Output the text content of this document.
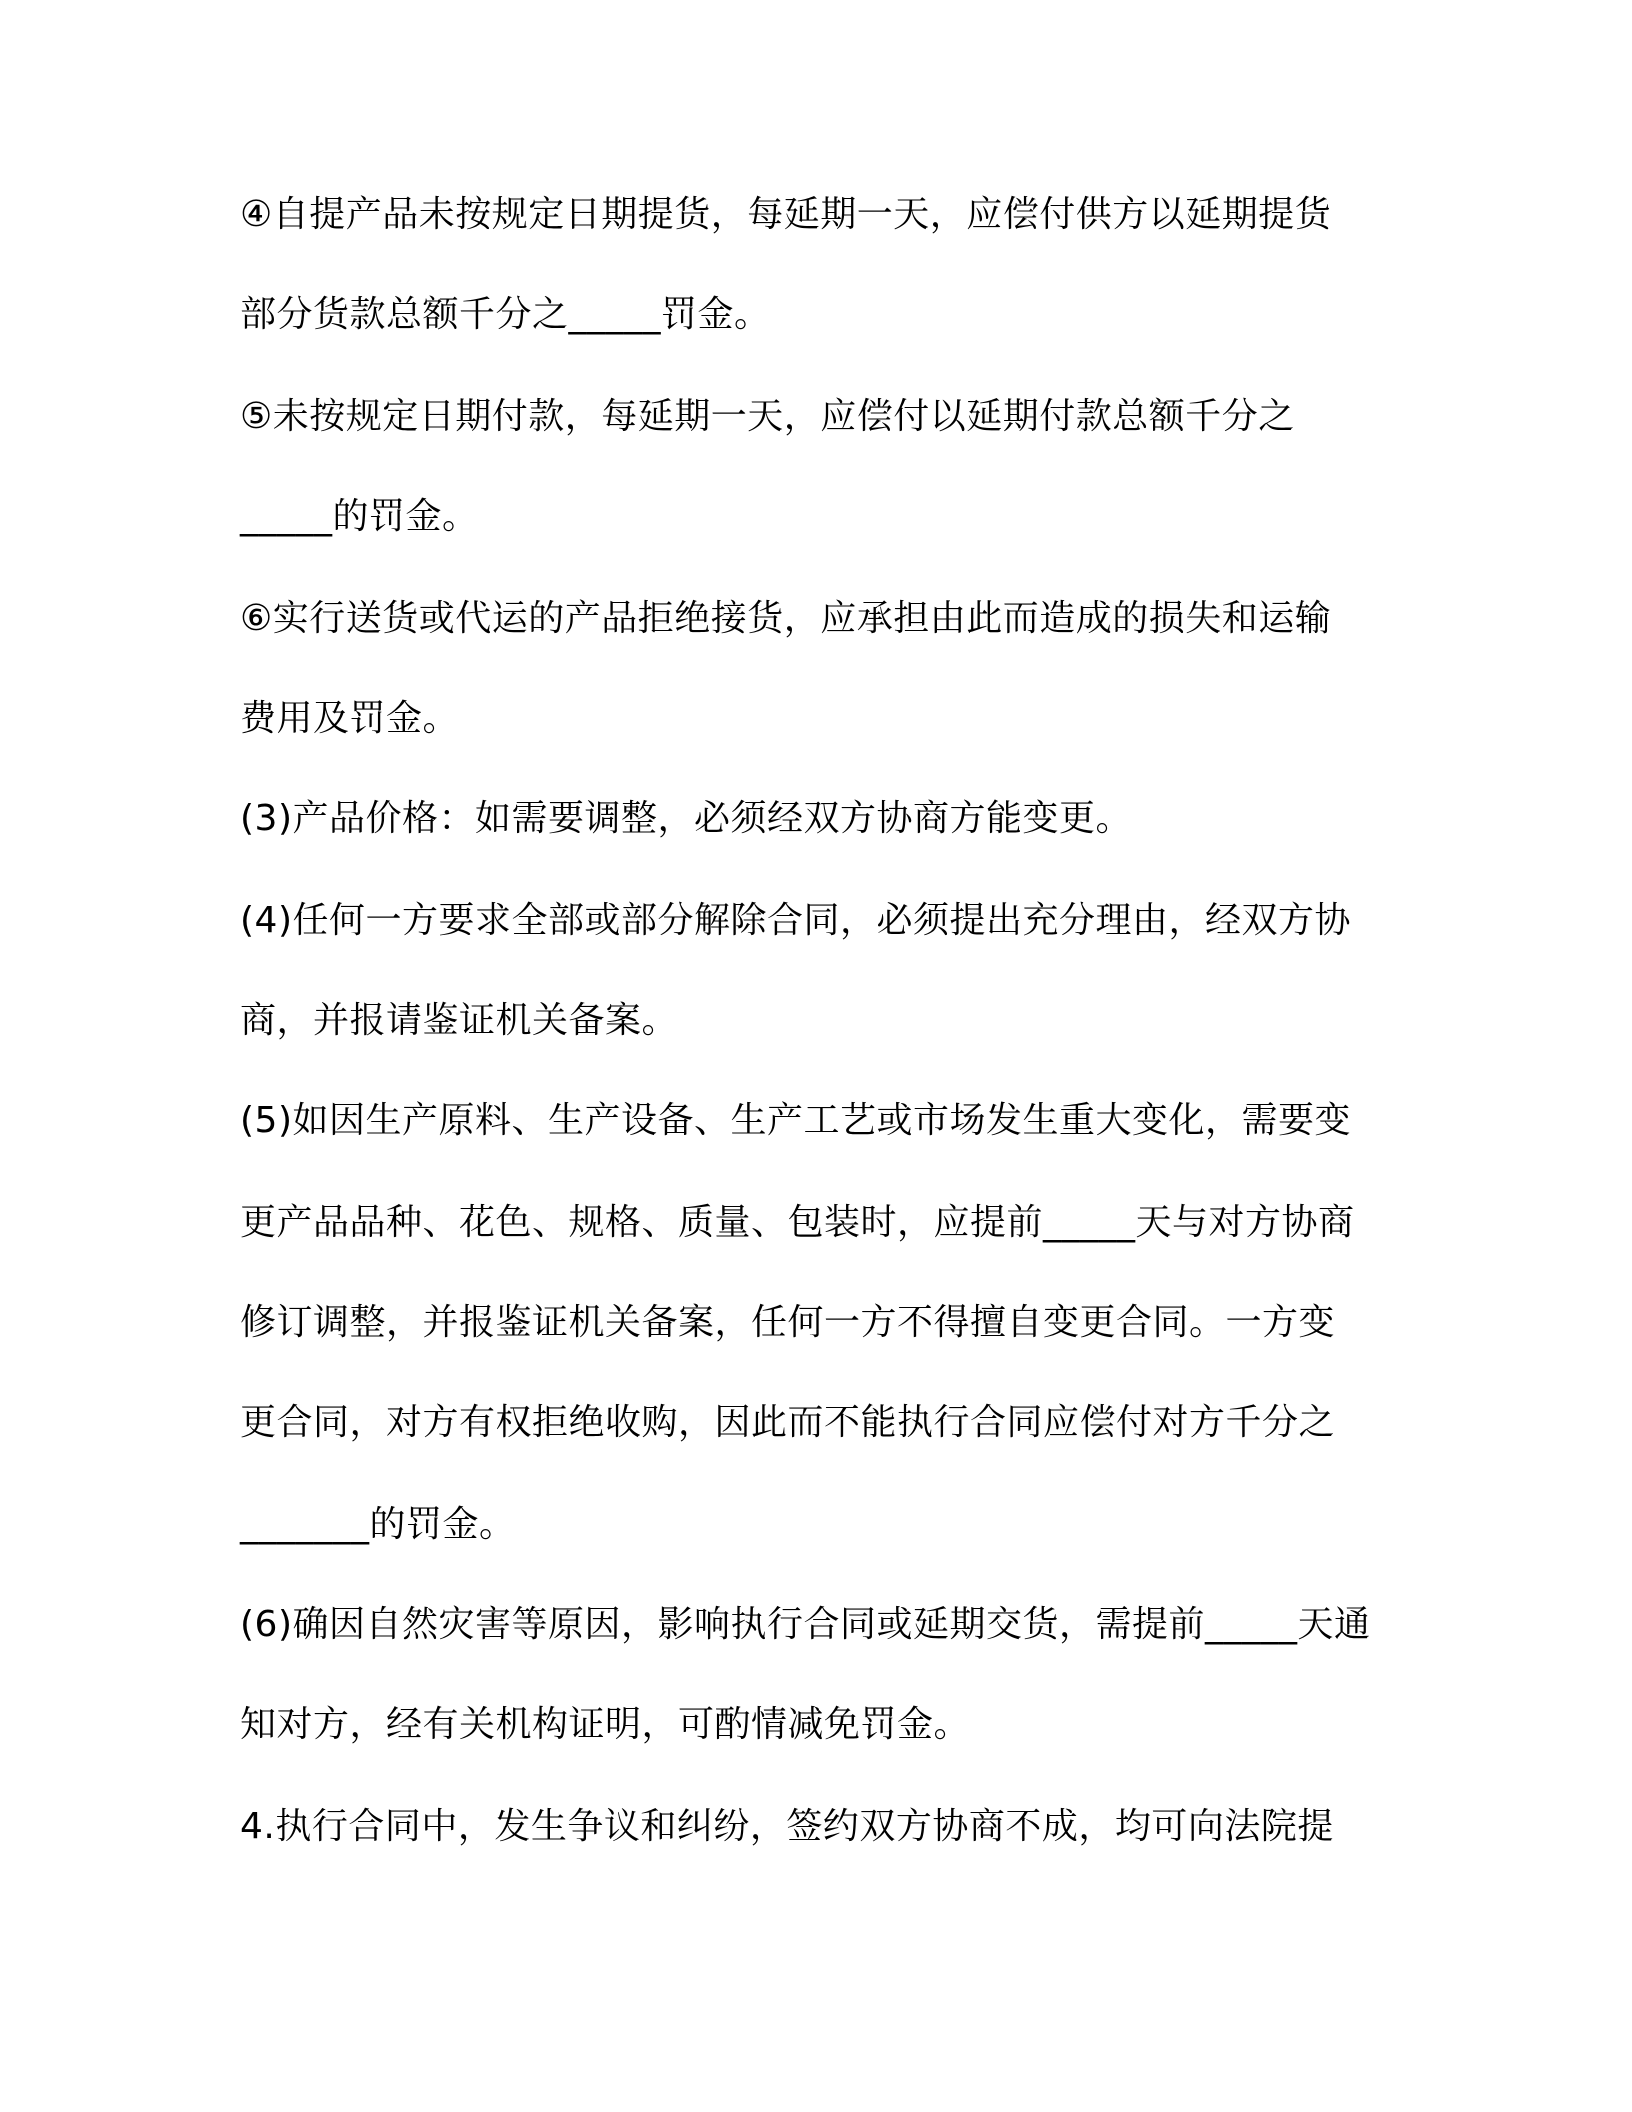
④自提产品未按规定日期提货，每延期一天，应偿付供方以延期提货
部分货款总额千分之_____罚金。
⑤未按规定日期付款，每延期一天，应偿付以延期付款总额千分之
_____的罚金。
⑥实行送货或代运的产品拒绝接货，应承担由此而造成的损失和运输
费用及罚金。
(3)产品价格：如需要调整，必须经双方协商方能变更。
(4)任何一方要求全部或部分解除合同，必须提出充分理由，经双方协
商，并报请鉴证机关备案。
(5)如因生产原料、生产设备、生产工艺或市场发生重大变化，需要变
更产品品种、花色、规格、质量、包装时，应提前_____天与对方协商
修订调整，并报鉴证机关备案，任何一方不得擅自变更合同。一方变
更合同，对方有权拒绝收购，因此而不能执行合同应偿付对方千分之
_______的罚金。
(6)确因自然灾害等原因，影响执行合同或延期交货，需提前_____天通
知对方，经有关机构证明，可酌情减免罚金。
4.执行合同中，发生争议和纠纷，签约双方协商不成，均可向法院提
